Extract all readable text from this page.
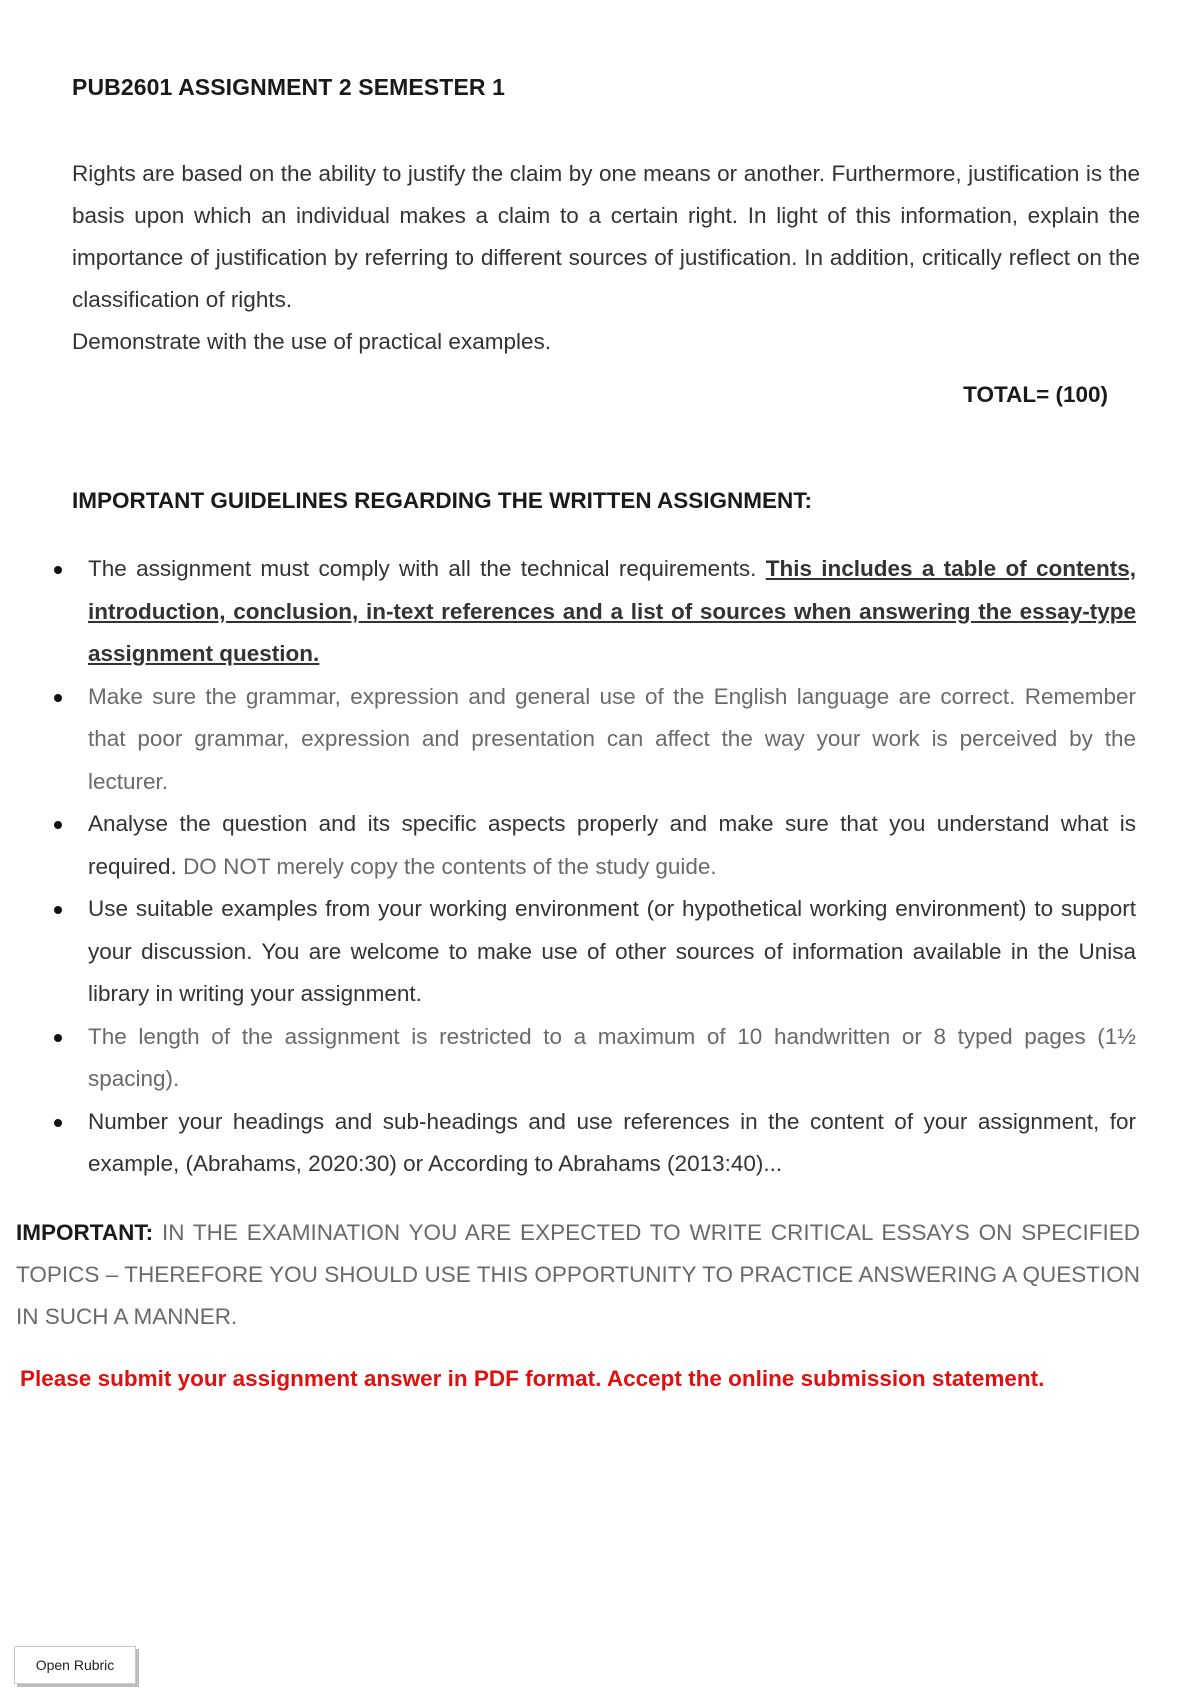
PUB2601 ASSIGNMENT 2 SEMESTER 1

Rights are based on the ability to justify the claim by one means or another. Furthermore, justification is the basis upon which an individual makes a claim to a certain right. In light of this information, explain the importance of justification by referring to different sources of justification. In addition, critically reflect on the classification of rights.

Demonstrate with the use of practical examples.

TOTAL= (100)
IMPORTANT GUIDELINES REGARDING THE WRITTEN ASSIGNMENT:
The assignment must comply with all the technical requirements. This includes a table of contents, introduction, conclusion, in-text references and a list of sources when answering the essay-type assignment question.
Make sure the grammar, expression and general use of the English language are correct. Remember that poor grammar, expression and presentation can affect the way your work is perceived by the lecturer.
Analyse the question and its specific aspects properly and make sure that you understand what is required. DO NOT merely copy the contents of the study guide.
Use suitable examples from your working environment (or hypothetical working environment) to support your discussion. You are welcome to make use of other sources of information available in the Unisa library in writing your assignment.
The length of the assignment is restricted to a maximum of 10 handwritten or 8 typed pages (1½ spacing).
Number your headings and sub-headings and use references in the content of your assignment, for example, (Abrahams, 2020:30) or According to Abrahams (2013:40)...

IMPORTANT: IN THE EXAMINATION YOU ARE EXPECTED TO WRITE CRITICAL ESSAYS ON SPECIFIED TOPICS – THEREFORE YOU SHOULD USE THIS OPPORTUNITY TO PRACTICE ANSWERING A QUESTION IN SUCH A MANNER.

Please submit your assignment answer in PDF format. Accept the online submission statement.

Open Rubric
